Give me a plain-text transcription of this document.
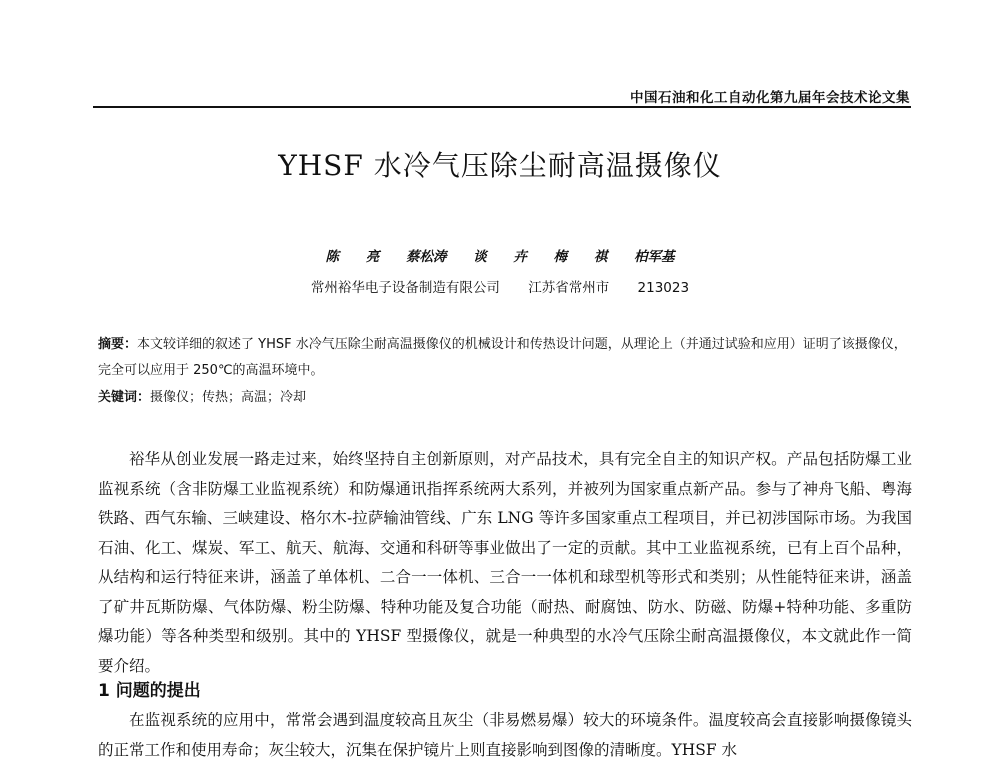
中国石油和化工自动化第九届年会技术论文集
YHSF 水冷气压除尘耐高温摄像仪
陈 亮 蔡松涛 谈 卉 梅 祺 柏军基
常州裕华电子设备制造有限公司 江苏省常州市 213023
摘要：本文较详细的叙述了 YHSF 水冷气压除尘耐高温摄像仪的机械设计和传热设计问题，从理论上（并通过试验和应用）证明了该摄像仪，完全可以应用于 250℃的高温环境中。
关键词：摄像仪；传热；高温；冷却
裕华从创业发展一路走过来，始终坚持自主创新原则，对产品技术，具有完全自主的知识产权。产品包括防爆工业监视系统（含非防爆工业监视系统）和防爆通讯指挥系统两大系列，并被列为国家重点新产品。参与了神舟飞船、粤海铁路、西气东输、三峡建设、格尔木-拉萨输油管线、广东 LNG 等许多国家重点工程项目，并已初涉国际市场。为我国石油、化工、煤炭、军工、航天、航海、交通和科研等事业做出了一定的贡献。其中工业监视系统，已有上百个品种，从结构和运行特征来讲，涵盖了单体机、二合一一体机、三合一一体机和球型机等形式和类别；从性能特征来讲，涵盖了矿井瓦斯防爆、气体防爆、粉尘防爆、特种功能及复合功能（耐热、耐腐蚀、防水、防磁、防爆+特种功能、多重防爆功能）等各种类型和级别。其中的 YHSF 型摄像仪，就是一种典型的水冷气压除尘耐高温摄像仪，本文就此作一简要介绍。
1 问题的提出
在监视系统的应用中，常常会遇到温度较高且灰尘（非易燃易爆）较大的环境条件。温度较高会直接影响摄像镜头的正常工作和使用寿命；灰尘较大，沉集在保护镜片上则直接影响到图像的清晰度。YHSF 水
